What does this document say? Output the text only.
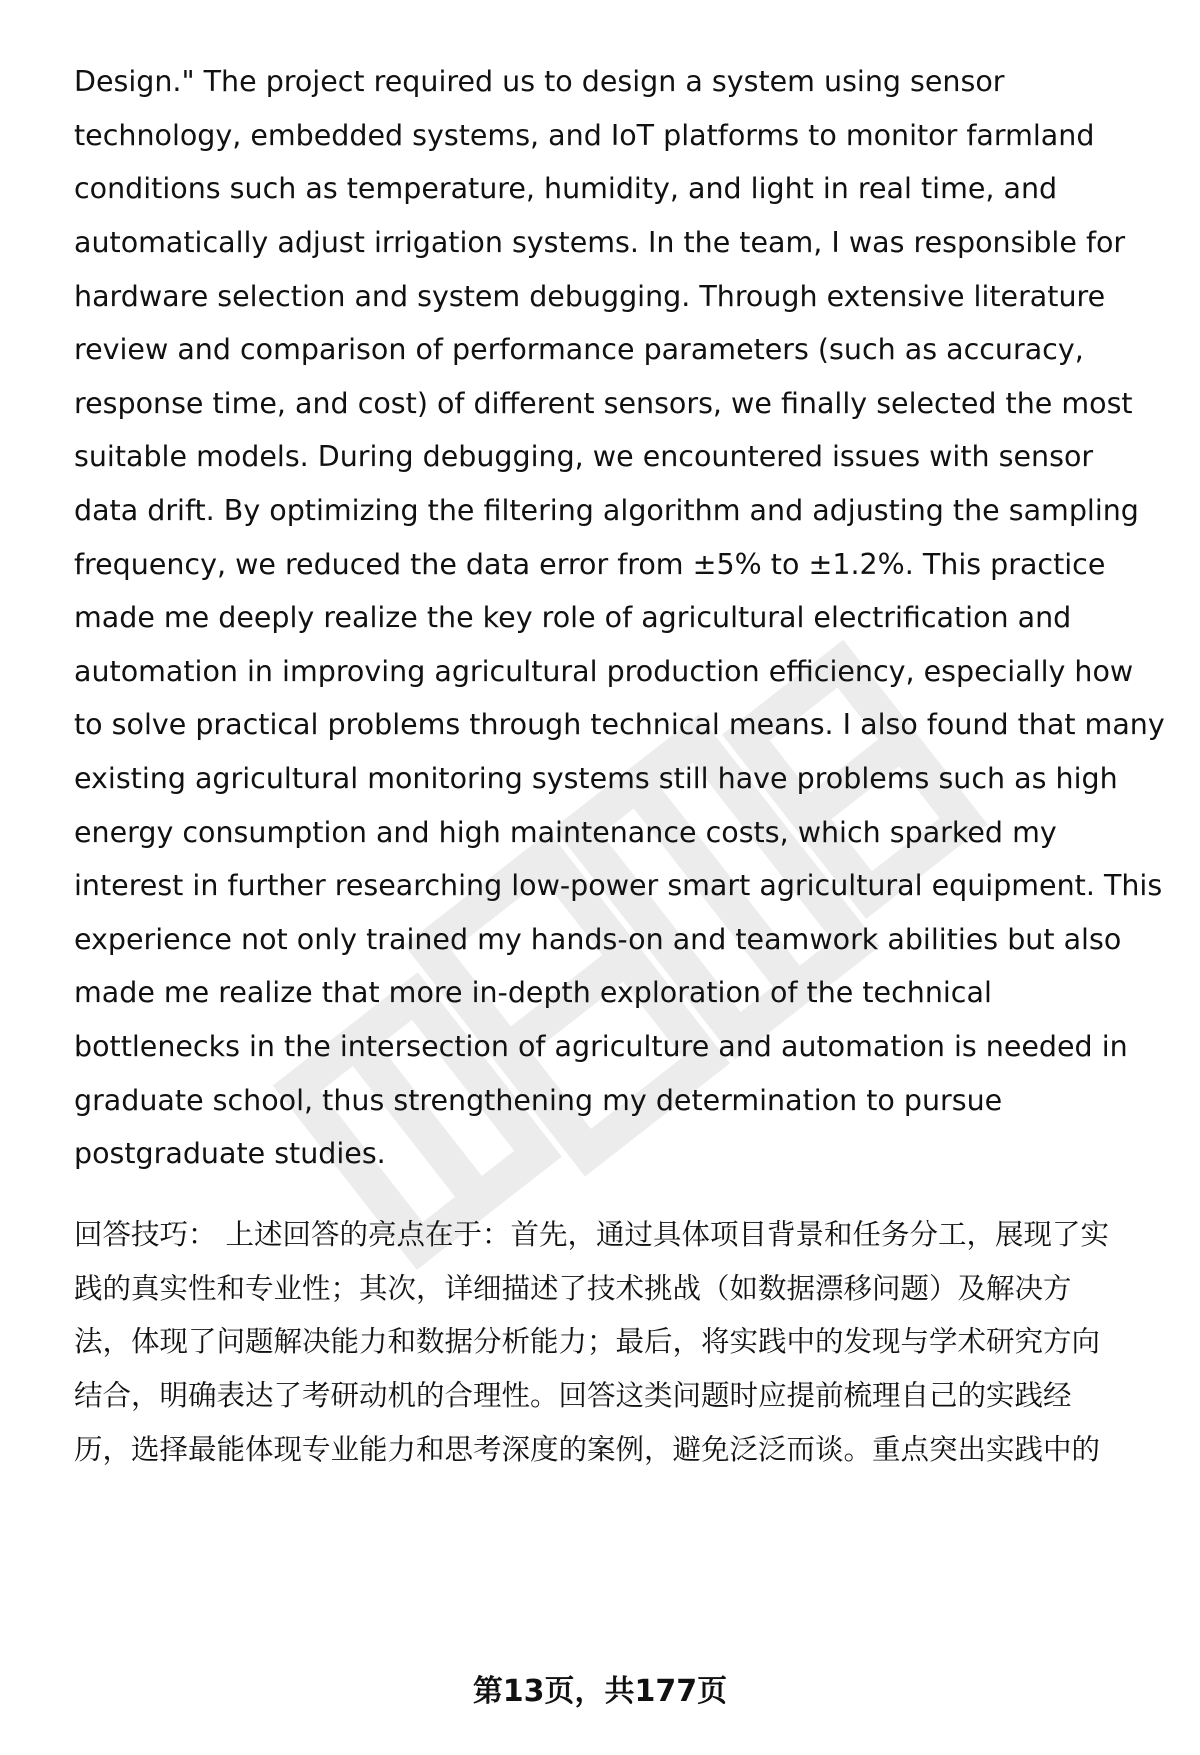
Design." The project required us to design a system using sensor
technology, embedded systems, and IoT platforms to monitor farmland
conditions such as temperature, humidity, and light in real time, and
automatically adjust irrigation systems. In the team, I was responsible for
hardware selection and system debugging. Through extensive literature
review and comparison of performance parameters (such as accuracy,
response time, and cost) of different sensors, we finally selected the most
suitable models. During debugging, we encountered issues with sensor
data drift. By optimizing the filtering algorithm and adjusting the sampling
frequency, we reduced the data error from ±5% to ±1.2%. This practice
made me deeply realize the key role of agricultural electrification and
automation in improving agricultural production efficiency, especially how
to solve practical problems through technical means. I also found that many
existing agricultural monitoring systems still have problems such as high
energy consumption and high maintenance costs, which sparked my
interest in further researching low-power smart agricultural equipment. This
experience not only trained my hands-on and teamwork abilities but also
made me realize that more in-depth exploration of the technical
bottlenecks in the intersection of agriculture and automation is needed in
graduate school, thus strengthening my determination to pursue
postgraduate studies.
回答技巧： 上述回答的亮点在于：首先，通过具体项目背景和任务分工，展现了实
践的真实性和专业性；其次，详细描述了技术挑战（如数据漂移问题）及解决方
法，体现了问题解决能力和数据分析能力；最后，将实践中的发现与学术研究方向
结合，明确表达了考研动机的合理性。回答这类问题时应提前梳理自己的实践经
历，选择最能体现专业能力和思考深度的案例，避免泛泛而谈。重点突出实践中的
第13页，共177页
